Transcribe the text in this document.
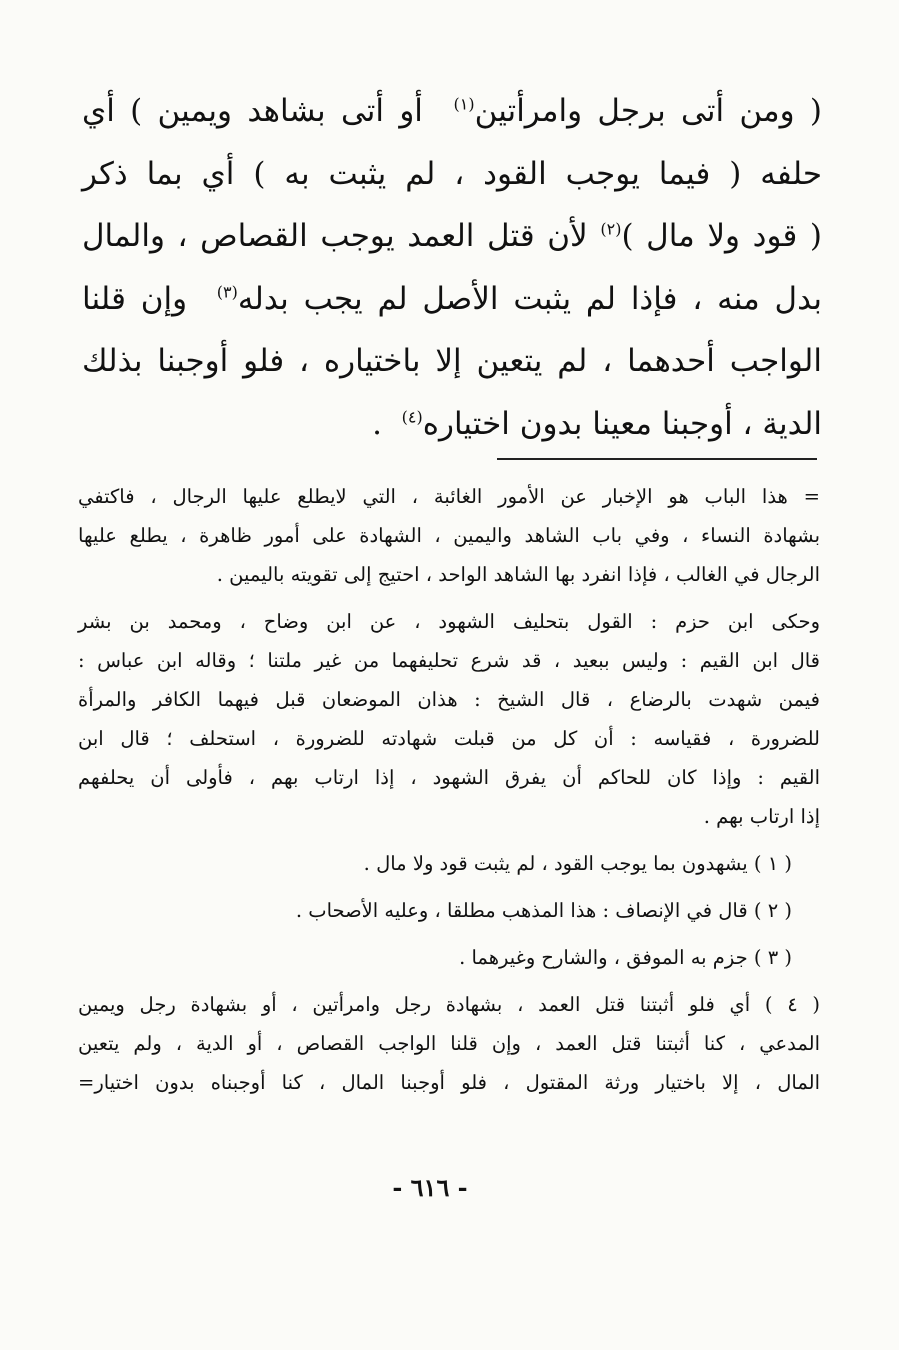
( ومن أتى برجل وامرأتين$^{(١)}$  أو أتى بشاهد ويمين ) أي
حلفه ( فيما يوجب القود ، لم يثبت به ) أي بما ذكر
( قود ولا مال )$^{(٢)}$ لأن قتل العمد يوجب القصاص ، والمال
بدل منه ، فإذا لم يثبت الأصل لم يجب بدله$^{(٣)}$  وإن قلنا
الواجب أحدهما ، لم يتعين إلا باختياره ، فلو أوجبنا بذلك
الدية ، أوجبنا معينا بدون اختياره$^{(٤)}$  .
= هذا الباب هو الإخبار عن الأمور الغائبة ، التي لايطلع عليها الرجال ، فاكتفي
بشهادة النساء ، وفي باب الشاهد واليمين ، الشهادة على أمور ظاهرة ، يطلع عليها
الرجال في الغالب ، فإذا انفرد بها الشاهد الواحد ، احتيج إلى تقويته باليمين .
وحكى ابن حزم : القول بتحليف الشهود ، عن ابن وضاح ، ومحمد بن بشر
قال ابن القيم : وليس ببعيد ، قد شرع تحليفهما من غير ملتنا ؛ وقاله ابن عباس :
فيمن شهدت بالرضاع ، قال الشيخ : هذان الموضعان قبل فيهما الكافر والمرأة
للضرورة ، فقياسه : أن كل من قبلت شهادته للضرورة ، استحلف ؛ قال ابن
القيم : وإذا كان للحاكم أن يفرق الشهود ، إذا ارتاب بهم ، فأولى أن يحلفهم
إذا ارتاب بهم .
( ١ ) يشهدون بما يوجب القود ، لم يثبت قود ولا مال .
( ٢ ) قال في الإنصاف : هذا المذهب مطلقا ، وعليه الأصحاب .
( ٣ ) جزم به الموفق ، والشارح وغيرهما .
( ٤ ) أي فلو أثبتنا قتل العمد ، بشهادة رجل وامرأتين ، أو بشهادة رجل ويمين
المدعي ، كنا أثبتنا قتل العمد ، وإن قلنا الواجب القصاص ، أو الدية ، ولم يتعين
المال ، إلا باختيار ورثة المقتول ، فلو أوجبنا المال ، كنا أوجبناه بدون اختيار=
- ٦١٦ -
